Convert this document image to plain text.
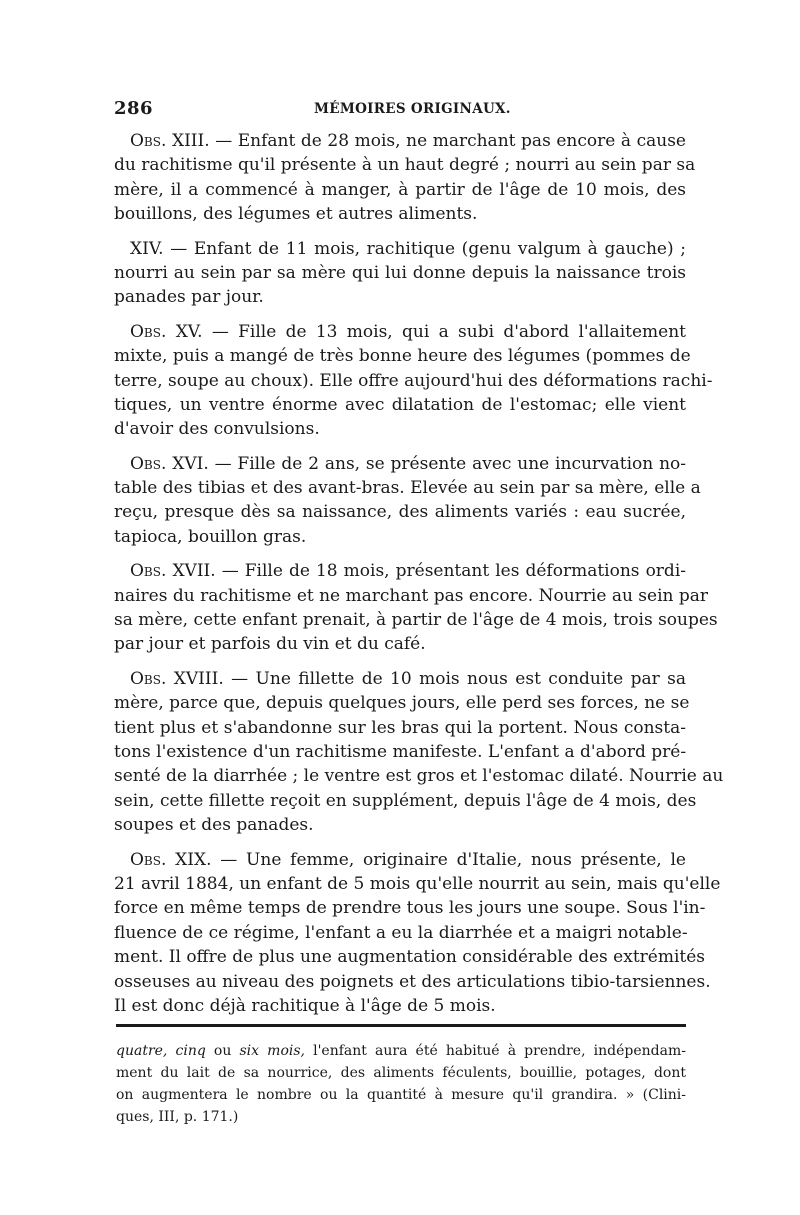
286	MÉMOIRES ORIGINAUX.
Obs. XIII. — Enfant de 28 mois, ne marchant pas encore à cause
du rachitisme qu'il présente à un haut degré ; nourri au sein par sa
mère, il a commencé à manger, à partir de l'âge de 10 mois, des
bouillons, des légumes et autres aliments.
XIV. — Enfant de 11 mois, rachitique (genu valgum à gauche) ;
nourri au sein par sa mère qui lui donne depuis la naissance trois
panades par jour.
Obs. XV. — Fille de 13 mois, qui a subi d'abord l'allaitement
mixte, puis a mangé de très bonne heure des légumes (pommes de
terre, soupe au choux). Elle offre aujourd'hui des déformations rachi-
tiques, un ventre énorme avec dilatation de l'estomac; elle vient
d'avoir des convulsions.
Obs. XVI. — Fille de 2 ans, se présente avec une incurvation no-
table des tibias et des avant-bras. Elevée au sein par sa mère, elle a
reçu, presque dès sa naissance, des aliments variés : eau sucrée,
tapioca, bouillon gras.
Obs. XVII. — Fille de 18 mois, présentant les déformations ordi-
naires du rachitisme et ne marchant pas encore. Nourrie au sein par
sa mère, cette enfant prenait, à partir de l'âge de 4 mois, trois soupes
par jour et parfois du vin et du café.
Obs. XVIII. — Une fillette de 10 mois nous est conduite par sa
mère, parce que, depuis quelques jours, elle perd ses forces, ne se
tient plus et s'abandonne sur les bras qui la portent. Nous consta-
tons l'existence d'un rachitisme manifeste. L'enfant a d'abord pré-
senté de la diarrhée ; le ventre est gros et l'estomac dilaté. Nourrie au
sein, cette fillette reçoit en supplément, depuis l'âge de 4 mois, des
soupes et des panades.
Obs. XIX. — Une femme, originaire d'Italie, nous présente, le
21 avril 1884, un enfant de 5 mois qu'elle nourrit au sein, mais qu'elle
force en même temps de prendre tous les jours une soupe. Sous l'in-
fluence de ce régime, l'enfant a eu la diarrhée et a maigri notable-
ment. Il offre de plus une augmentation considérable des extrémités
osseuses au niveau des poignets et des articulations tibio-tarsiennes.
Il est donc déjà rachitique à l'âge de 5 mois.
quatre, cinq ou six mois, l'enfant aura été habitué à prendre, indépendam-
ment du lait de sa nourrice, des aliments féculents, bouillie, potages, dont
on augmentera le nombre ou la quantité à mesure qu'il grandira. » (Clini-
ques, III, p. 171.)
